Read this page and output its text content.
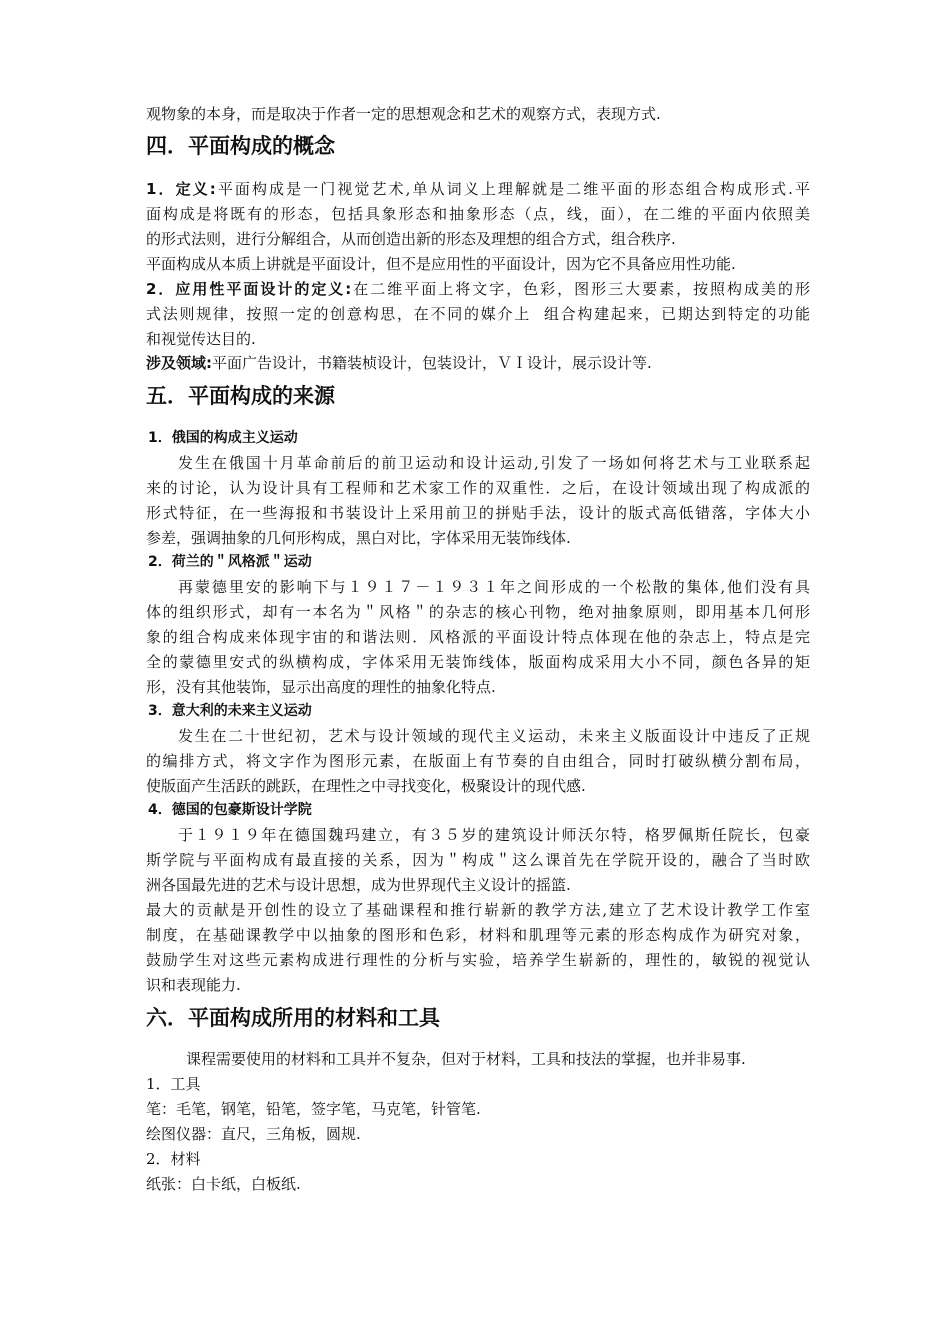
观物象的本身，而是取决于作者一定的思想观念和艺术的观察方式，表现方式.
四．平面构成的概念
1．定义:平面构成是一门视觉艺术,单从词义上理解就是二维平面的形态组合构成形式.平
面构成是将既有的形态，包括具象形态和抽象形态（点，线，面），在二维的平面内依照美
的形式法则，进行分解组合，从而创造出新的形态及理想的组合方式，组合秩序.
平面构成从本质上讲就是平面设计，但不是应用性的平面设计，因为它不具备应用性功能.
2．应用性平面设计的定义:在二维平面上将文字，色彩，图形三大要素，按照构成美的形
式法则规律，按照一定的创意构思，在不同的媒介上  组合构建起来，已期达到特定的功能
和视觉传达目的.
涉及领域:平面广告设计，书籍装桢设计，包装设计，ＶＩ设计，展示设计等.
五．平面构成的来源
1．俄国的构成主义运动
发生在俄国十月革命前后的前卫运动和设计运动,引发了一场如何将艺术与工业联系起
来的讨论，认为设计具有工程师和艺术家工作的双重性．之后，在设计领域出现了构成派的
形式特征，在一些海报和书装设计上采用前卫的拼贴手法，设计的版式高低错落，字体大小
参差，强调抽象的几何形构成，黑白对比，字体采用无装饰线体.
2．荷兰的＂风格派＂运动
再蒙德里安的影响下与１９１７－１９３１年之间形成的一个松散的集体,他们没有具
体的组织形式，却有一本名为＂风格＂的杂志的核心刊物，绝对抽象原则，即用基本几何形
象的组合构成来体现宇宙的和谐法则．风格派的平面设计特点体现在他的杂志上，特点是完
全的蒙德里安式的纵横构成，字体采用无装饰线体，版面构成采用大小不同，颜色各异的矩
形，没有其他装饰，显示出高度的理性的抽象化特点.
3．意大利的未来主义运动
发生在二十世纪初，艺术与设计领域的现代主义运动，未来主义版面设计中违反了正规
的编排方式，将文字作为图形元素，在版面上有节奏的自由组合，同时打破纵横分割布局，
使版面产生活跃的跳跃，在理性之中寻找变化，极聚设计的现代感.
4．德国的包豪斯设计学院
于１９１９年在德国魏玛建立，有３５岁的建筑设计师沃尔特，格罗佩斯任院长，包豪
斯学院与平面构成有最直接的关系，因为＂构成＂这么课首先在学院开设的，融合了当时欧
洲各国最先进的艺术与设计思想，成为世界现代主义设计的摇篮.
最大的贡献是开创性的设立了基础课程和推行崭新的教学方法,建立了艺术设计教学工作室
制度，在基础课教学中以抽象的图形和色彩，材料和肌理等元素的形态构成作为研究对象，
鼓励学生对这些元素构成进行理性的分析与实验，培养学生崭新的，理性的，敏锐的视觉认
识和表现能力.
六．平面构成所用的材料和工具
课程需要使用的材料和工具并不复杂，但对于材料，工具和技法的掌握，也并非易事.
1．工具
笔：毛笔，钢笔，铅笔，签字笔，马克笔，针管笔.
绘图仪器：直尺，三角板，圆规.
2．材料
纸张：白卡纸，白板纸.
